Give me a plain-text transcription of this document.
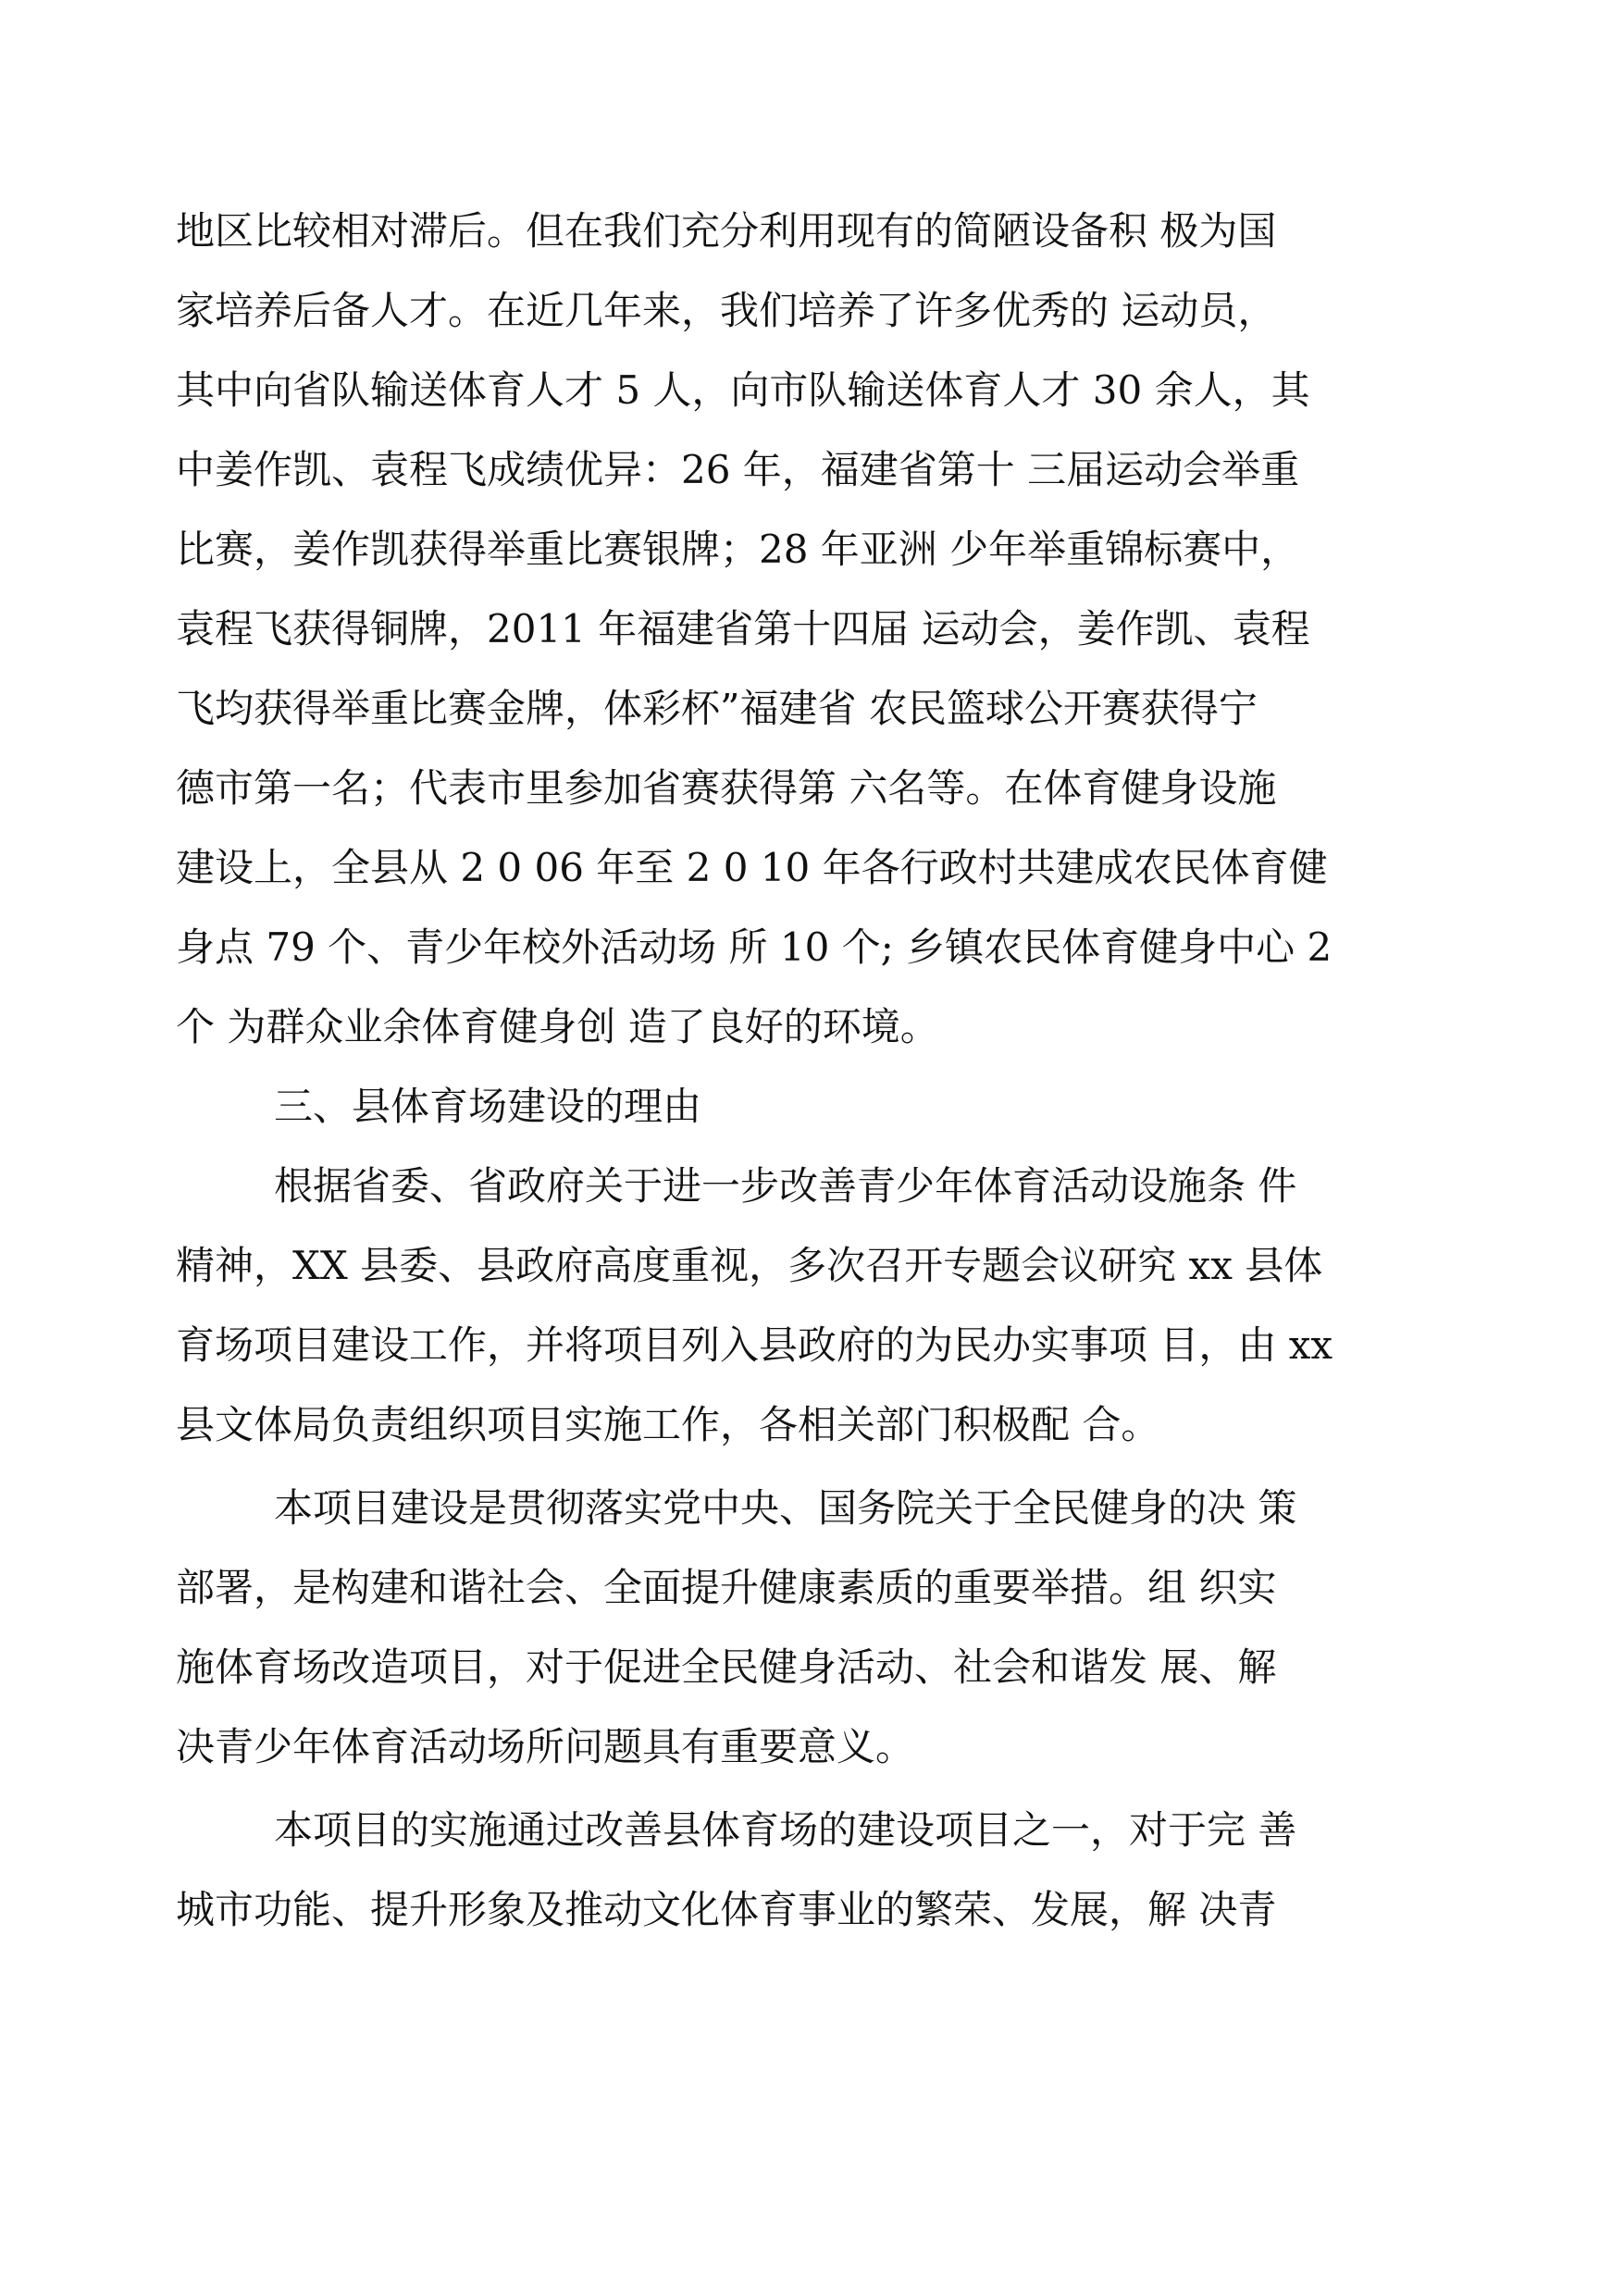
地区比较相对滞后。但在我们充分利用现有的简陋设备积 极为国
家培养后备人才。在近几年来，我们培养了许多优秀的 运动员，
其中向省队输送体育人才 5 人，向市队输送体育人才 30 余人，其
中姜作凯、袁程飞成绩优异：26 年，福建省第十 三届运动会举重
比赛，姜作凯获得举重比赛银牌；28 年亚洲 少年举重锦标赛中，
袁程飞获得铜牌，2011 年福建省第十四届 运动会，姜作凯、袁程
飞均获得举重比赛金牌，体彩杯”福建省 农民篮球公开赛获得宁
德市第一名；代表市里参加省赛获得第 六名等。在体育健身设施
建设上，全县从 2 0 06 年至 2 0 10 年各行政村共建成农民体育健
身点 79 个、青少年校外活动场 所 10 个; 乡镇农民体育健身中心 2
个 为群众业余体育健身创 造了良好的环境。
三、县体育场建设的理由
根据省委、省政府关于进一步改善青少年体育活动设施条 件
精神，XX 县委、县政府高度重视，多次召开专题会议研究 xx 县体
育场项目建设工作，并将项目列入县政府的为民办实事项 目，由 xx
县文体局负责组织项目实施工作，各相关部门积极配 合。
本项目建设是贯彻落实党中央、国务院关于全民健身的决 策
部署，是构建和谐社会、全面提升健康素质的重要举措。组 织实
施体育场改造项目，对于促进全民健身活动、社会和谐发 展、解
决青少年体育活动场所问题具有重要意义。
本项目的实施通过改善县体育场的建设项目之一，对于完 善
城市功能、提升形象及推动文化体育事业的繁荣、发展，解 决青
